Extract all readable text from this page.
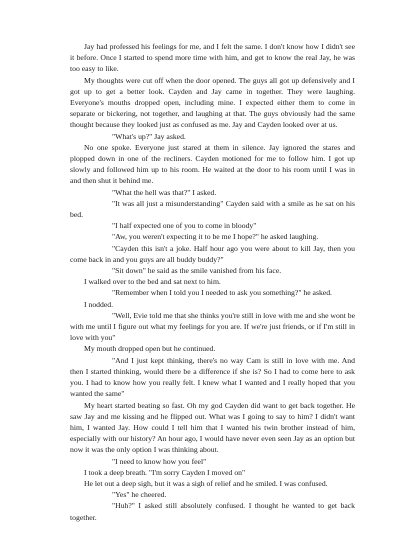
Jay had professed his feelings for me, and I felt the same. I don't know how I didn't see it before. Once I started to spend more time with him, and get to know the real Jay, he was too easy to like.

My thoughts were cut off when the door opened. The guys all got up defensively and I got up to get a better look. Cayden and Jay came in together. They were laughing. Everyone's mouths dropped open, including mine. I expected either them to come in separate or bickering, not together, and laughing at that. The guys obviously had the same thought because they looked just as confused as me. Jay and Cayden looked over at us.

"What's up?" Jay asked.

No one spoke. Everyone just stared at them in silence. Jay ignored the stares and plopped down in one of the recliners. Cayden motioned for me to follow him. I got up slowly and followed him up to his room. He waited at the door to his room until I was in and then shut it behind me.

"What the hell was that?" I asked.

"It was all just a misunderstanding" Cayden said with a smile as he sat on his bed.

"I half expected one of you to come in bloody"

"Aw, you weren't expecting it to be me I hope?" he asked laughing.

"Cayden this isn't a joke. Half hour ago you were about to kill Jay, then you come back in and you guys are all buddy buddy?"

"Sit down" he said as the smile vanished from his face.

I walked over to the bed and sat next to him.

"Remember when I told you I needed to ask you something?" he asked.

I nodded.

"Well, Evie told me that she thinks you're still in love with me and she wont be with me until I figure out what my feelings for you are. If we're just friends, or if I'm still in love with you"

My mouth dropped open but he continued.

"And I just kept thinking, there's no way Cam is still in love with me. And then I started thinking, would there be a difference if she is? So I had to come here to ask you. I had to know how you really felt. I knew what I wanted and I really hoped that you wanted the same"

My heart started beating so fast. Oh my god Cayden did want to get back together. He saw Jay and me kissing and he flipped out. What was I going to say to him? I didn't want him, I wanted Jay. How could I tell him that I wanted his twin brother instead of him, especially with our history? An hour ago, I would have never even seen Jay as an option but now it was the only option I was thinking about.

"I need to know how you feel"

I took a deep breath. "I'm sorry Cayden I moved on"

He let out a deep sigh, but it was a sigh of relief and he smiled. I was confused.

"Yes" he cheered.

"Huh?" I asked still absolutely confused. I thought he wanted to get back together.
